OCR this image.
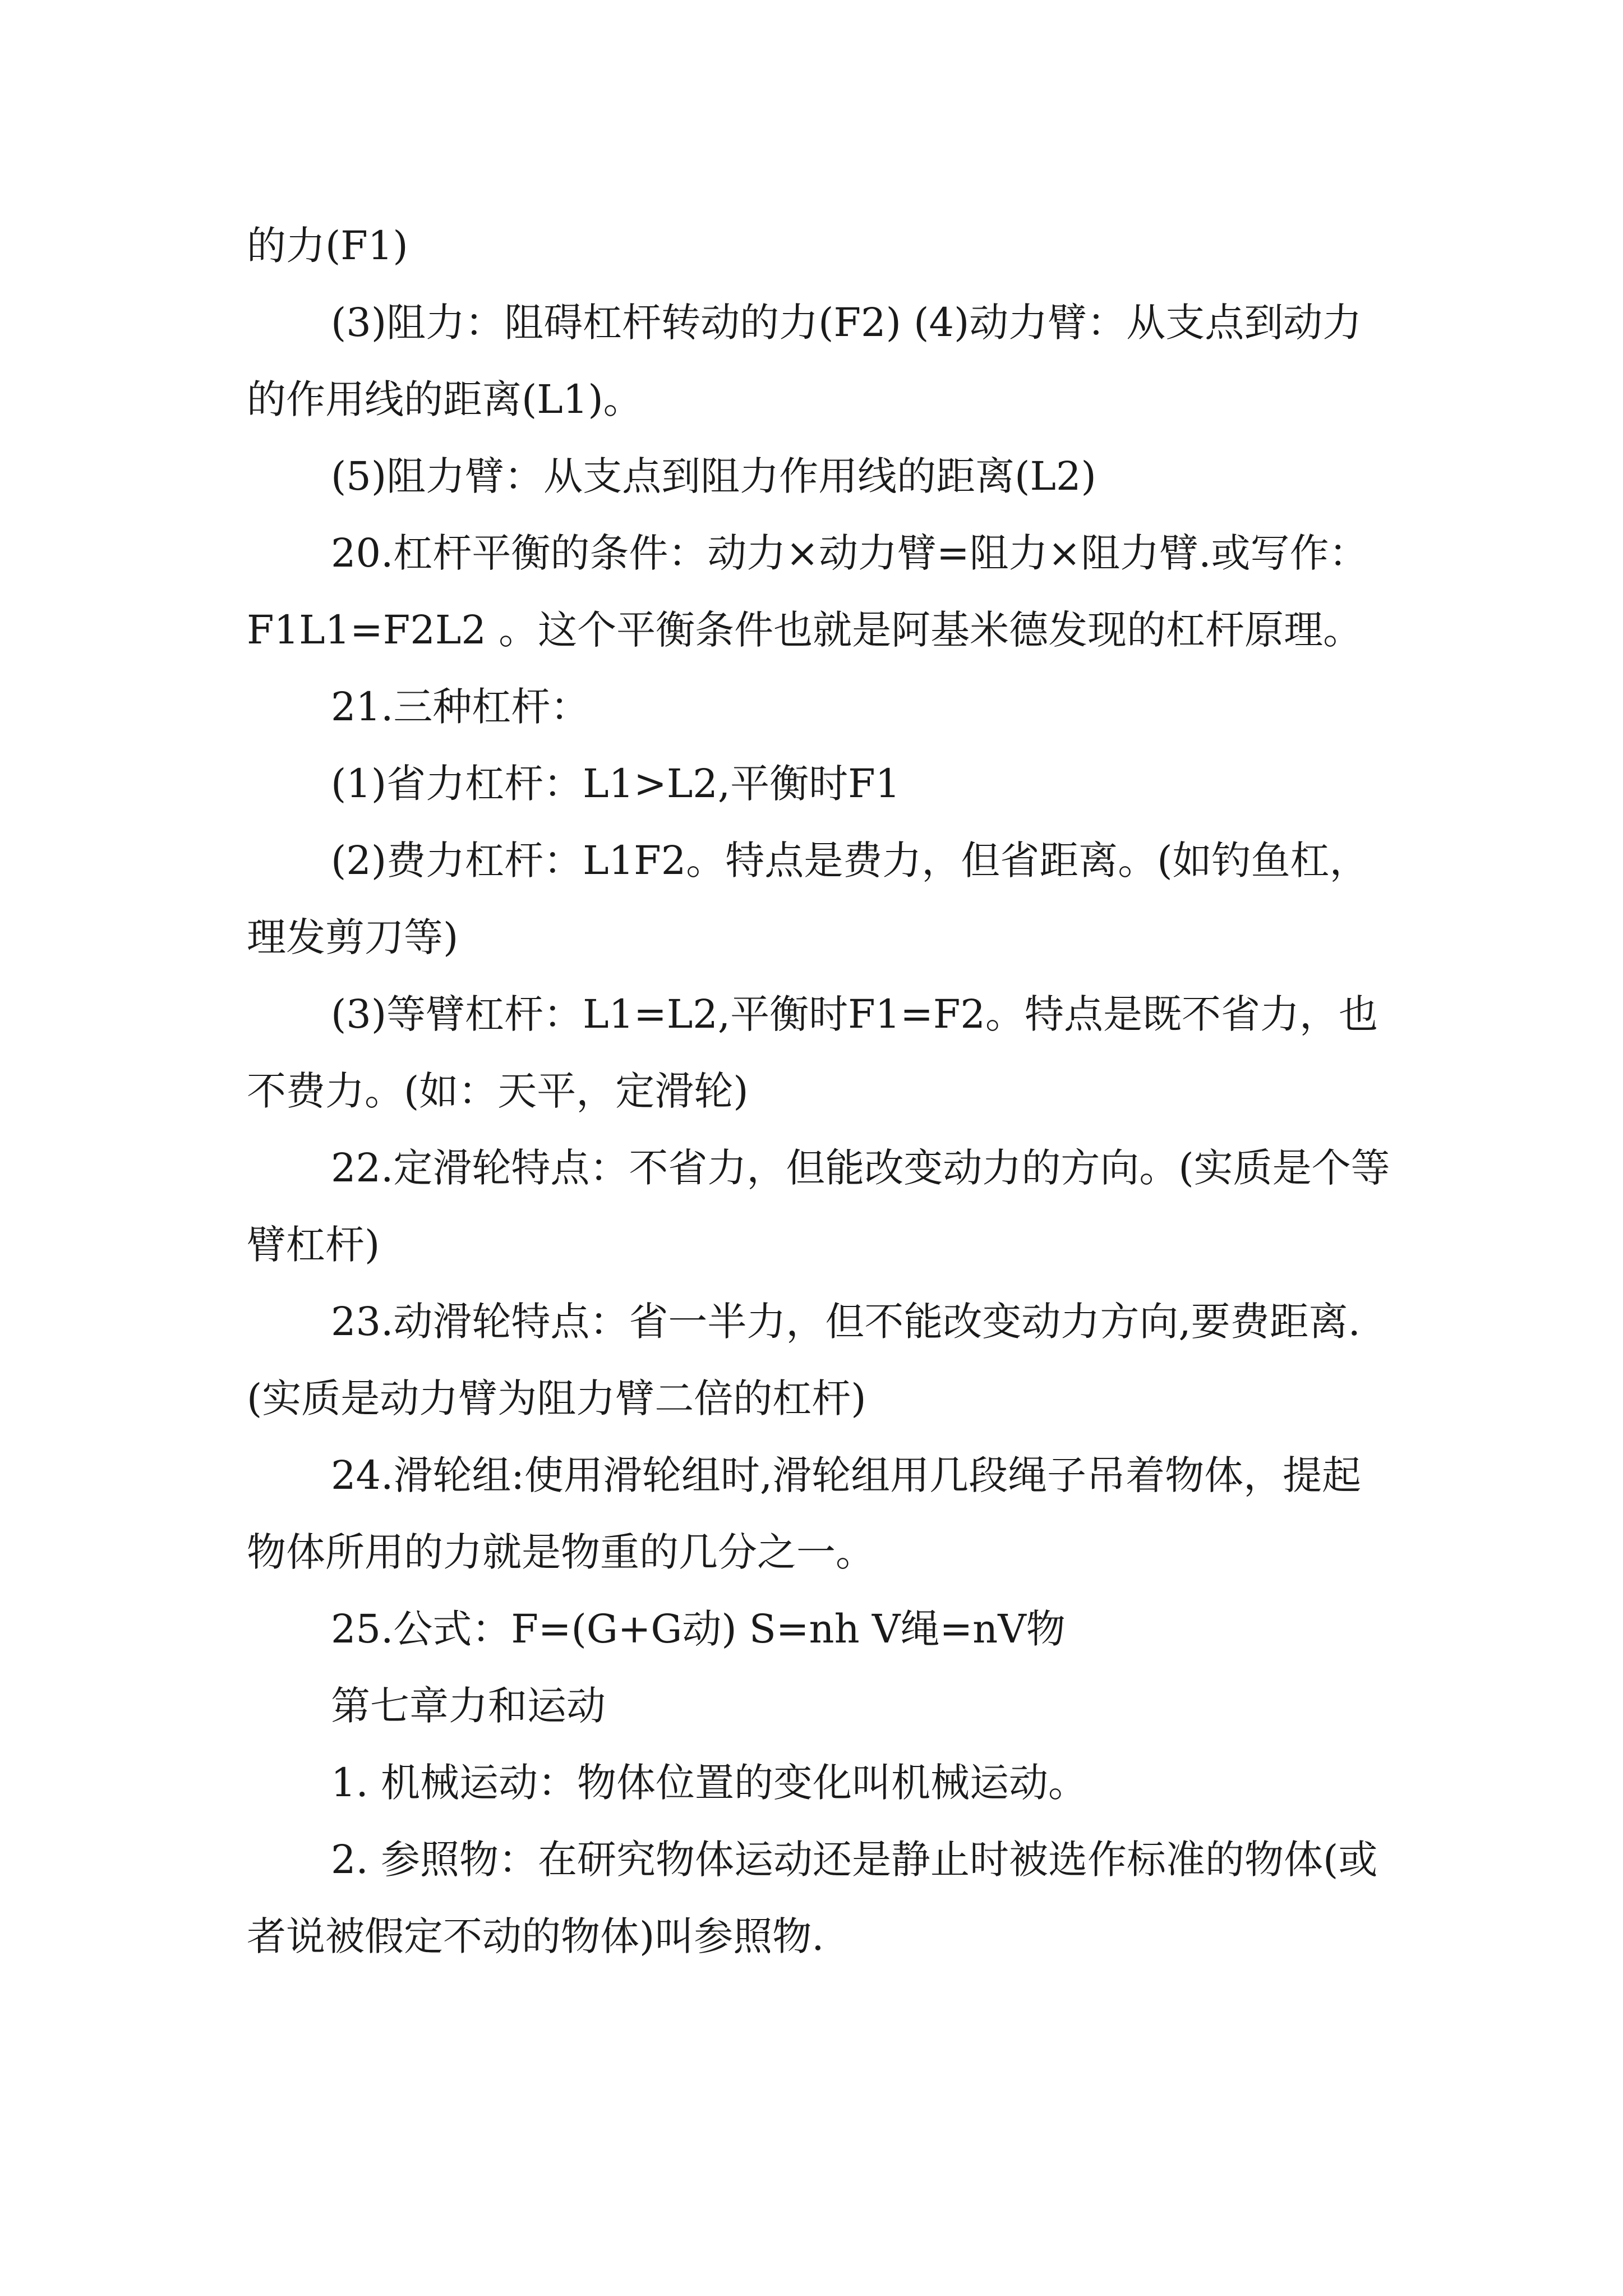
的力(F1)

(3)阻力：阻碍杠杆转动的力(F2) (4)动力臂：从支点到动力的作用线的距离(L1)。

(5)阻力臂：从支点到阻力作用线的距离(L2)

20.杠杆平衡的条件：动力×动力臂=阻力×阻力臂.或写作：F1L1=F2L2 。这个平衡条件也就是阿基米德发现的杠杆原理。

21.三种杠杆：

(1)省力杠杆：L1>L2,平衡时F1

(2)费力杠杆：L1F2。特点是费力，但省距离。(如钓鱼杠，理发剪刀等)

(3)等臂杠杆：L1=L2,平衡时F1=F2。特点是既不省力，也不费力。(如：天平，定滑轮)

22.定滑轮特点：不省力，但能改变动力的方向。(实质是个等臂杠杆)

23.动滑轮特点：省一半力，但不能改变动力方向,要费距离.(实质是动力臂为阻力臂二倍的杠杆)

24.滑轮组:使用滑轮组时,滑轮组用几段绳子吊着物体，提起物体所用的力就是物重的几分之一。

25.公式：F=(G+G动) S=nh V绳=nV物

第七章力和运动

1. 机械运动：物体位置的变化叫机械运动。

2. 参照物：在研究物体运动还是静止时被选作标准的物体(或者说被假定不动的物体)叫参照物.
